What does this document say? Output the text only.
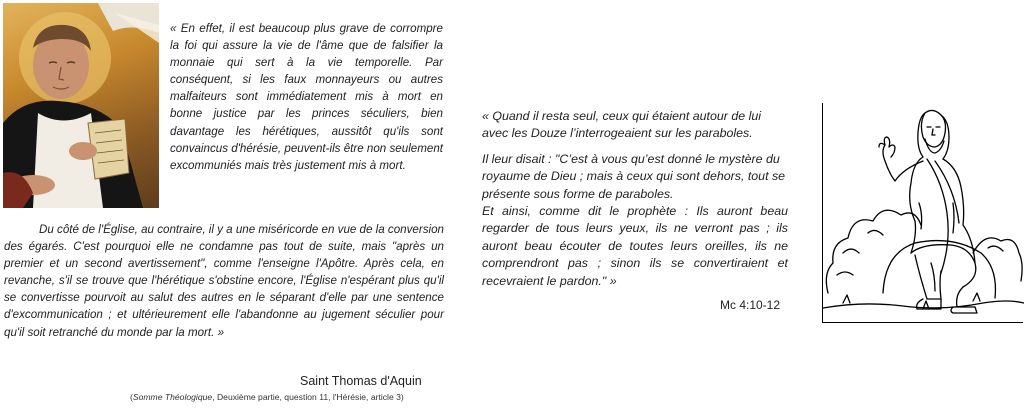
« En effet, il est beaucoup plus grave de corrompre la foi qui assure la vie de l'âme que de falsifier la monnaie qui sert à la vie temporelle. Par conséquent, si les faux monnayeurs ou autres malfaiteurs sont immédiatement mis à mort en bonne justice par les princes séculiers, bien davantage les hérétiques, aussitôt qu'ils sont convaincus d'hérésie, peuvent-ils être non seulement excommuniés mais très justement mis à mort.
Du côté de l'Église, au contraire, il y a une miséricorde en vue de la conversion des égarés. C'est pourquoi elle ne condamne pas tout de suite, mais "après un premier et un second avertissement", comme l'enseigne l'Apôtre. Après cela, en revanche, s'il se trouve que l'hérétique s'obstine encore, l'Église n'espérant plus qu'il se convertisse pourvoit au salut des autres en le séparant d'elle par une sentence d'excommunication ; et ultérieurement elle l'abandonne au jugement séculier pour qu'il soit retranché du monde par la mort. »
Saint Thomas d'Aquin
(Somme Théologique, Deuxième partie, question 11, l'Hérésie, article 3)

« Quand il resta seul, ceux qui étaient autour de lui avec les Douze l’interrogeaient sur les paraboles.

Il leur disait : "C’est à vous qu’est donné le mystère du royaume de Dieu ; mais à ceux qui sont dehors, tout se présente sous forme de paraboles.

Et ainsi, comme dit le prophète : Ils auront beau regarder de tous leurs yeux, ils ne verront pas ; ils auront beau écouter de toutes leurs oreilles, ils ne comprendront pas ; sinon ils se convertiraient et recevraient le pardon." »

Mc 4:10-12
